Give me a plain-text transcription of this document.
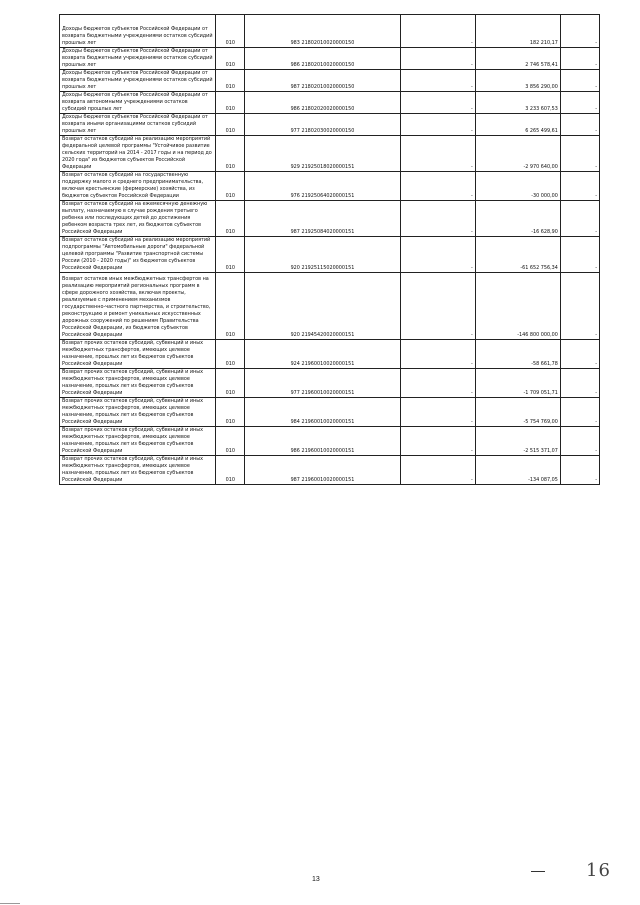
Доходы бюджетов субъектов Российской Федерации от возврата бюджетными учреждениями остатков субсидий прошлых лет	010	983 21802010020000150	-	182 210,17	-

Доходы бюджетов субъектов Российской Федерации от возврата бюджетными учреждениями остатков субсидий прошлых лет	010	986 21802010020000150	-	2 746 578,41	-

Доходы бюджетов субъектов Российской Федерации от возврата бюджетными учреждениями остатков субсидий прошлых лет	010	987 21802010020000150	-	3 856 290,00	-

Доходы бюджетов субъектов Российской Федерации от возврата автономными учреждениями остатков субсидий прошлых лет	010	986 21802020020000150	-	3 233 607,53	-

Доходы бюджетов субъектов Российской Федерации от возврата иными организациями остатков субсидий прошлых лет	010	977 21802030020000150	-	6 265 499,61	-

Возврат остатков субсидий на реализацию мероприятий федеральной целевой программы "Устойчивое развитие сельских территорий на 2014 - 2017 годы и на период до 2020 года" из бюджетов субъектов Российской Федерации	010	929 21925018020000151	-	-2 970 640,00	-

Возврат остатков субсидий на государственную поддержку малого и среднего предпринимательства, включая крестьянские (фермерские) хозяйства, из бюджетов субъектов Российской Федерации	010	976 21925064020000151	-	-30 000,00	-

Возврат остатков субсидий на ежемесячную денежную выплату, назначаемую в случае рождения третьего ребенка или последующих детей до достижения ребенком возраста трех лет, из бюджетов субъектов Российской Федерации	010	987 21925084020000151	-	-16 628,90	-

Возврат остатков субсидий на реализацию мероприятий подпрограммы "Автомобильные дороги" федеральной целевой программы "Развитие транспортной системы России (2010 - 2020 годы)" из бюджетов субъектов Российской Федерации	010	920 21925115020000151	-	-61 652 756,34	-

Возврат остатков иных межбюджетных трансфертов на реализацию мероприятий региональных программ в сфере дорожного хозяйства, включая проекты, реализуемые с применением механизмов государственно-частного партнерства, и строительство, реконструкцию и ремонт уникальных искусственных дорожных сооружений по решениям Правительства Российской Федерации, из бюджетов субъектов Российской Федерации	010	920 21945420020000151	-	-146 800 000,00	-

Возврат прочих остатков субсидий, субвенций и иных межбюджетных трансфертов, имеющих целевое назначение, прошлых лет из бюджетов субъектов Российской Федерации	010	924 21960010020000151	-	-58 661,78	-

Возврат прочих остатков субсидий, субвенций и иных межбюджетных трансфертов, имеющих целевое назначение, прошлых лет из бюджетов субъектов Российской Федерации	010	977 21960010020000151	-	-1 709 051,71	-

Возврат прочих остатков субсидий, субвенций и иных межбюджетных трансфертов, имеющих целевое назначение, прошлых лет из бюджетов субъектов Российской Федерации	010	984 21960010020000151	-	-5 754 769,00	-

Возврат прочих остатков субсидий, субвенций и иных межбюджетных трансфертов, имеющих целевое назначение, прошлых лет из бюджетов субъектов Российской Федерации	010	986 21960010020000151	-	-2 515 371,07	-

Возврат прочих остатков субсидий, субвенций и иных межбюджетных трансфертов, имеющих целевое назначение, прошлых лет из бюджетов субъектов Российской Федерации	010	987 21960010020000151	-	-134 087,05	-
13	16
